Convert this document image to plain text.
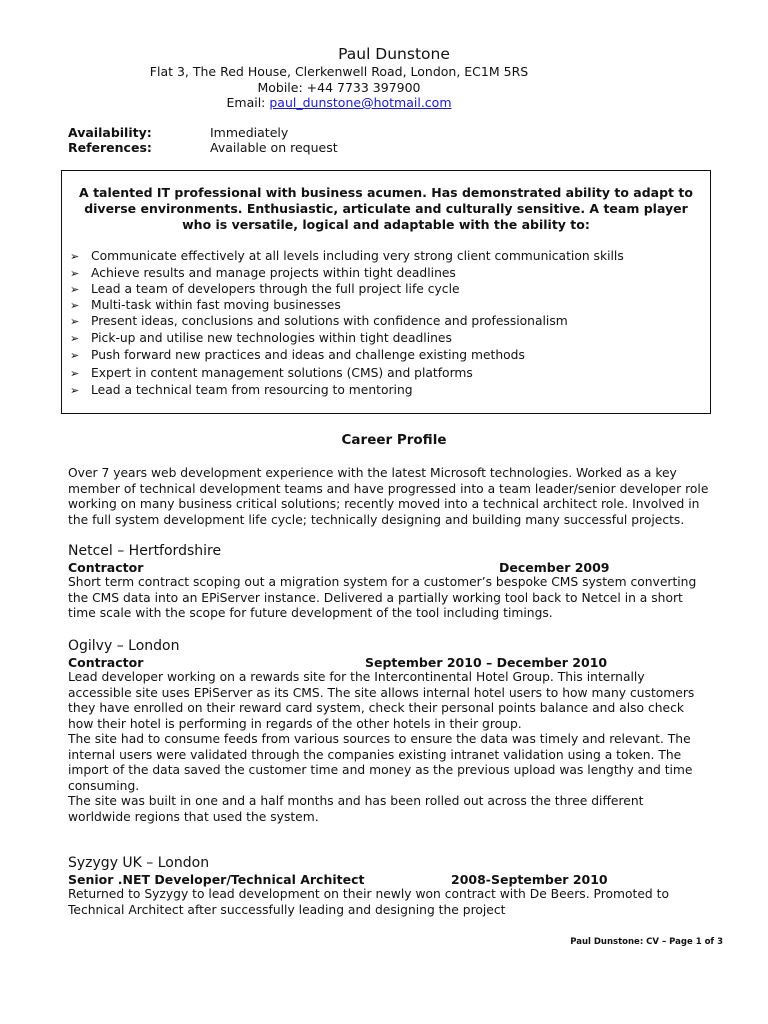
Paul Dunstone
Flat 3, The Red House, Clerkenwell Road, London, EC1M 5RS
Mobile: +44 7733 397900
Email: paul_dunstone@hotmail.com
Availability:	Immediately
References:	Available on request
A talented IT professional with business acumen. Has demonstrated ability to adapt to
diverse environments. Enthusiastic, articulate and culturally sensitive. A team player
who is versatile, logical and adaptable with the ability to:
➢ Communicate effectively at all levels including very strong client communication skills
➢ Achieve results and manage projects within tight deadlines
➢ Lead a team of developers through the full project life cycle
➢ Multi-task within fast moving businesses
➢ Present ideas, conclusions and solutions with confidence and professionalism
➢ Pick-up and utilise new technologies within tight deadlines
➢ Push forward new practices and ideas and challenge existing methods
➢ Expert in content management solutions (CMS) and platforms
➢ Lead a technical team from resourcing to mentoring
Career Profile
Over 7 years web development experience with the latest Microsoft technologies. Worked as a key
member of technical development teams and have progressed into a team leader/senior developer role
working on many business critical solutions; recently moved into a technical architect role. Involved in
the full system development life cycle; technically designing and building many successful projects.
Netcel – Hertfordshire
Contractor	December 2009
Short term contract scoping out a migration system for a customer’s bespoke CMS system converting
the CMS data into an EPiServer instance. Delivered a partially working tool back to Netcel in a short
time scale with the scope for future development of the tool including timings.
Ogilvy – London
Contractor	September 2010 – December 2010
Lead developer working on a rewards site for the Intercontinental Hotel Group. This internally
accessible site uses EPiServer as its CMS. The site allows internal hotel users to how many customers
they have enrolled on their reward card system, check their personal points balance and also check
how their hotel is performing in regards of the other hotels in their group.
The site had to consume feeds from various sources to ensure the data was timely and relevant. The
internal users were validated through the companies existing intranet validation using a token. The
import of the data saved the customer time and money as the previous upload was lengthy and time
consuming.
The site was built in one and a half months and has been rolled out across the three different
worldwide regions that used the system.
Syzygy UK – London
Senior .NET Developer/Technical Architect	2008-September 2010
Returned to Syzygy to lead development on their newly won contract with De Beers. Promoted to
Technical Architect after successfully leading and designing the project
Paul Dunstone: CV – Page 1 of 3
